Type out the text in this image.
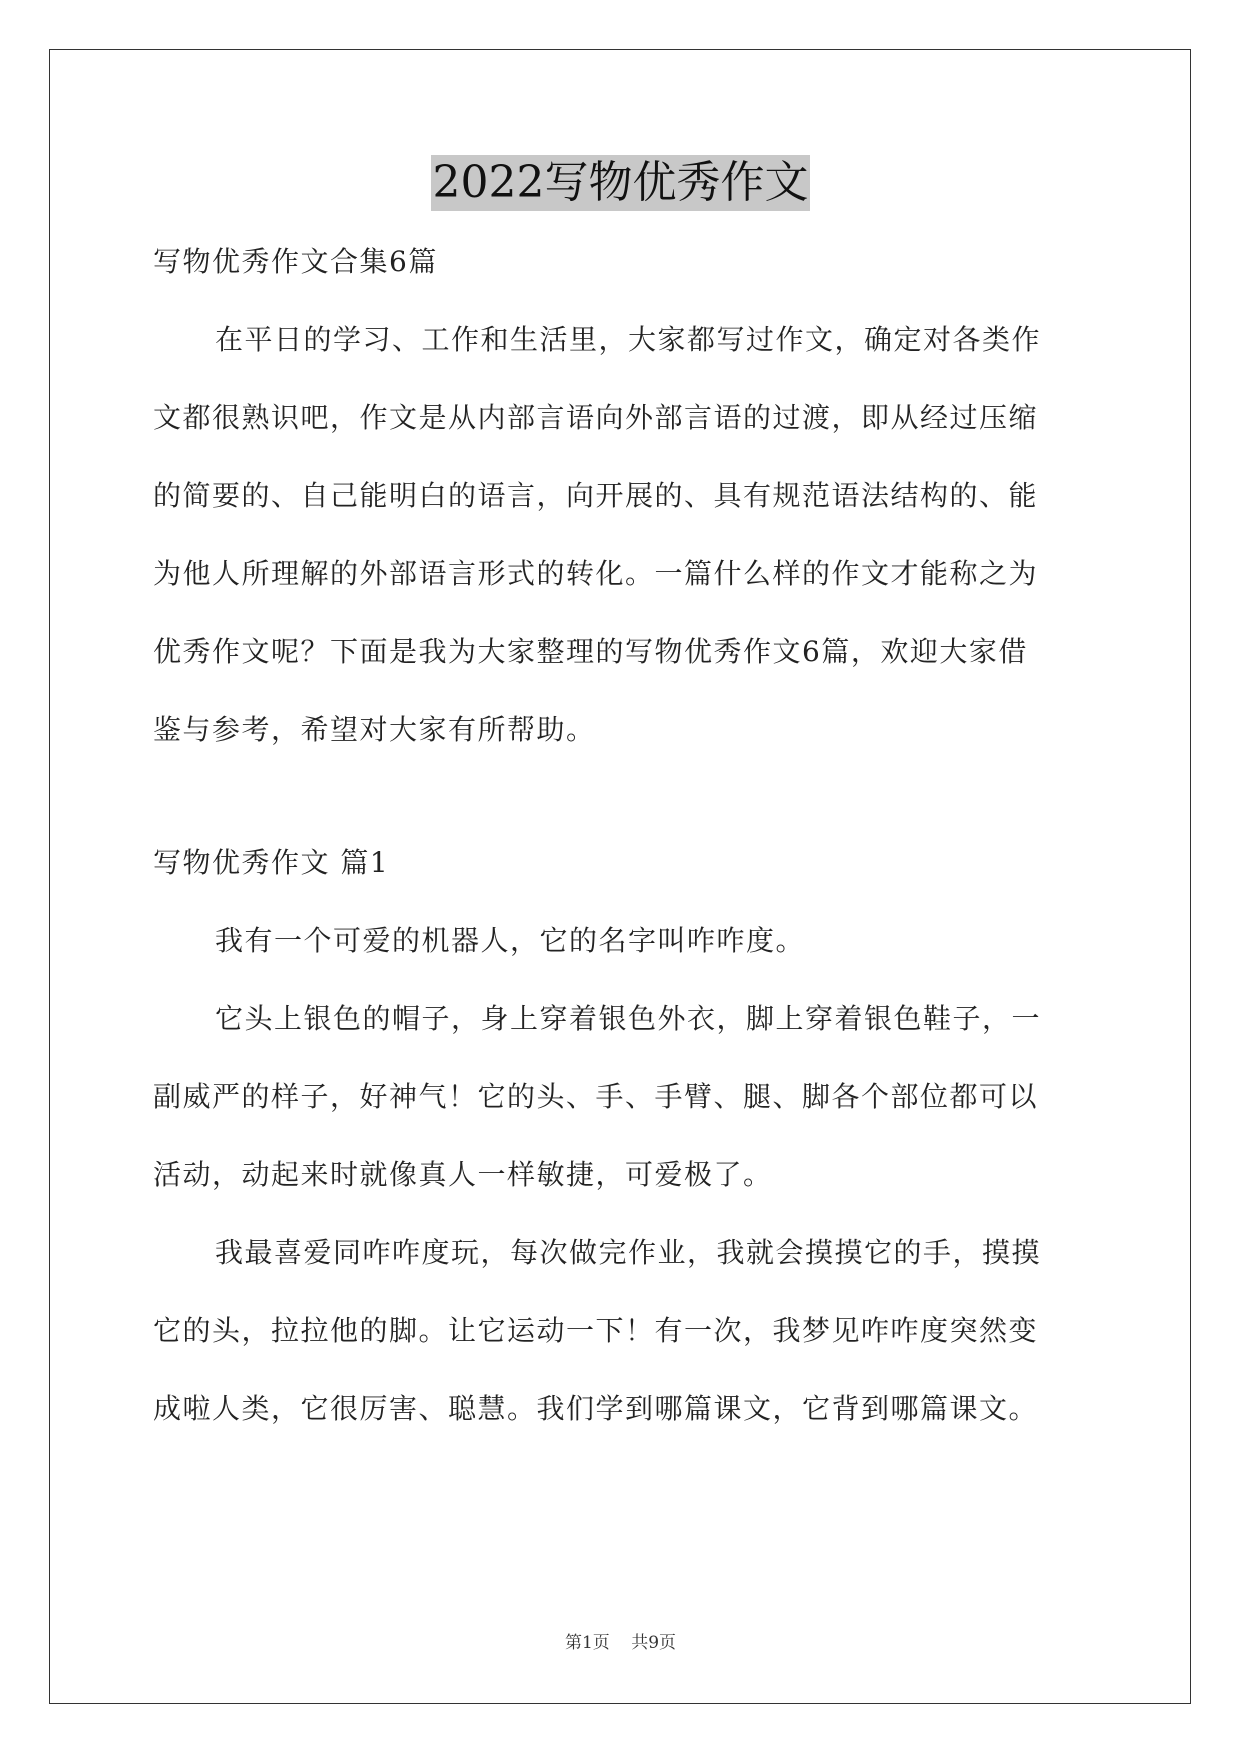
2022写物优秀作文
写物优秀作文合集6篇
在平日的学习、工作和生活里，大家都写过作文，确定对各类作
文都很熟识吧，作文是从内部言语向外部言语的过渡，即从经过压缩
的简要的、自己能明白的语言，向开展的、具有规范语法结构的、能
为他人所理解的外部语言形式的转化。一篇什么样的作文才能称之为
优秀作文呢？下面是我为大家整理的写物优秀作文6篇，欢迎大家借
鉴与参考，希望对大家有所帮助。
写物优秀作文 篇1
我有一个可爱的机器人，它的名字叫咋咋度。
它头上银色的帽子，身上穿着银色外衣，脚上穿着银色鞋子，一
副威严的样子，好神气！它的头、手、手臂、腿、脚各个部位都可以
活动，动起来时就像真人一样敏捷，可爱极了。
我最喜爱同咋咋度玩，每次做完作业，我就会摸摸它的手，摸摸
它的头，拉拉他的脚。让它运动一下！有一次，我梦见咋咋度突然变
成啦人类，它很厉害、聪慧。我们学到哪篇课文，它背到哪篇课文。
第1页 共9页
